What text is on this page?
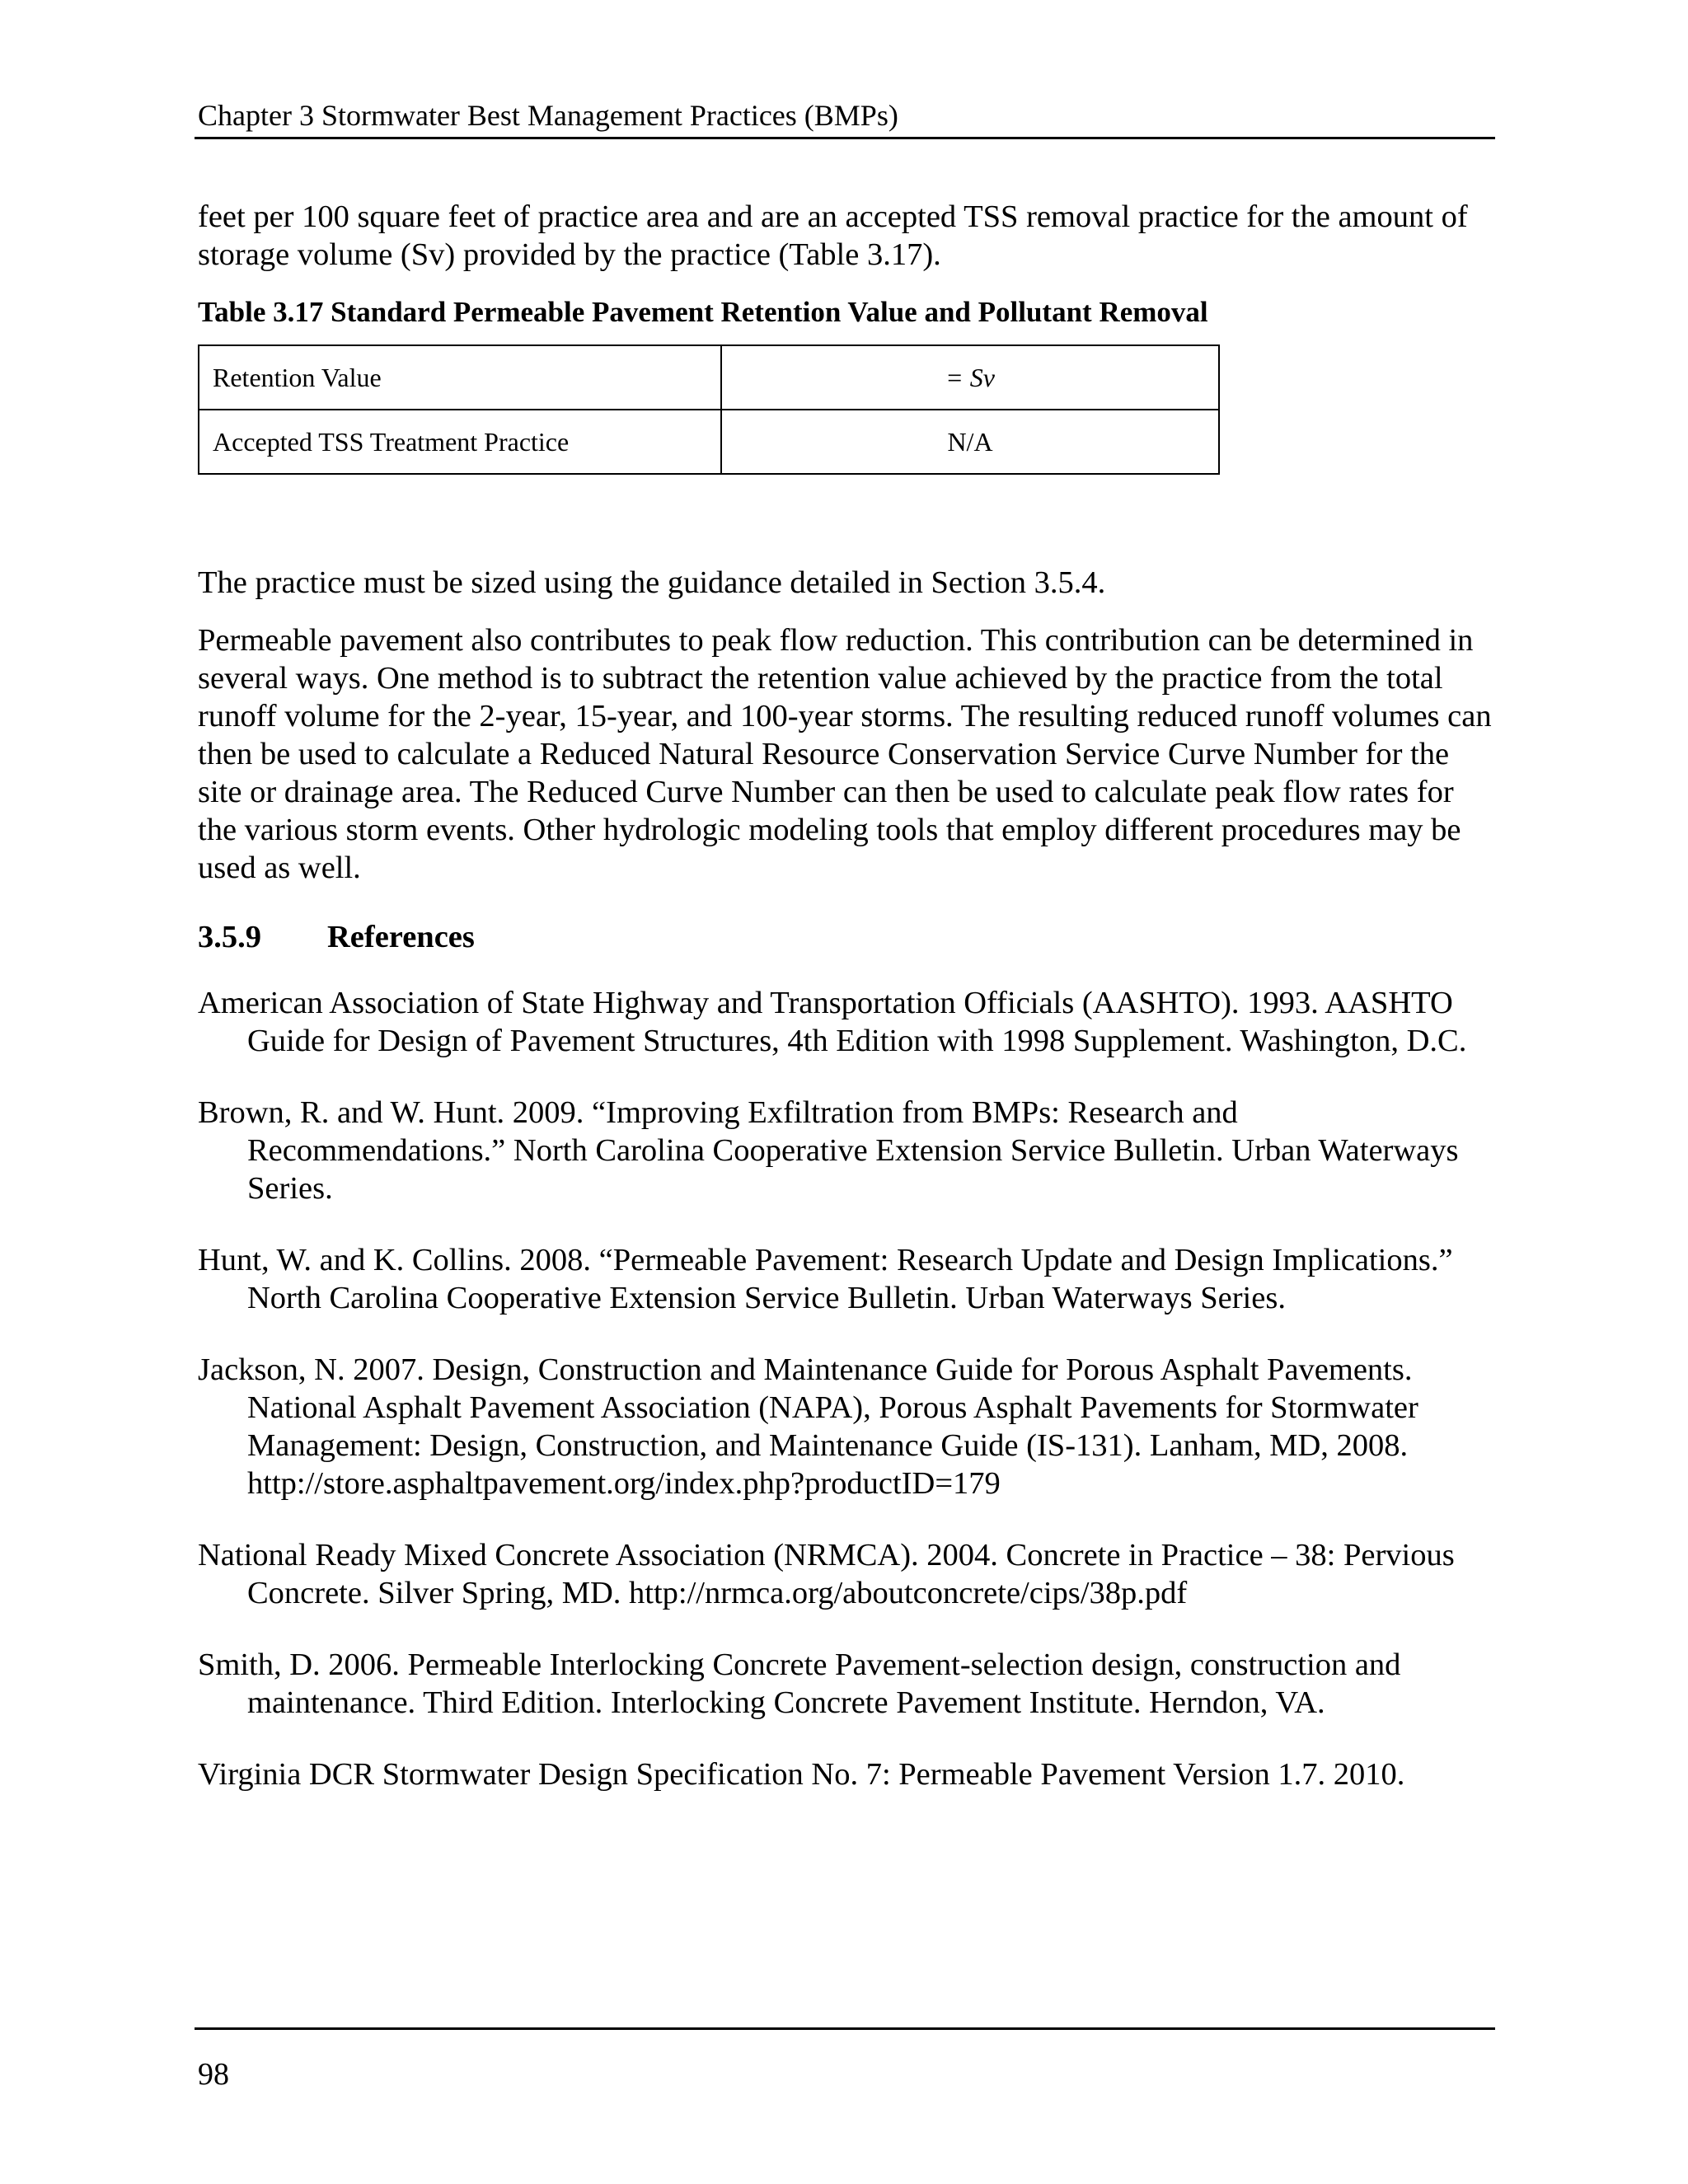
Chapter 3 Stormwater Best Management Practices (BMPs)

feet per 100 square feet of practice area and are an accepted TSS removal practice for the amount of storage volume (Sv) provided by the practice (Table 3.17).

Table 3.17 Standard Permeable Pavement Retention Value and Pollutant Removal
Retention Value	= Sv
Accepted TSS Treatment Practice	N/A

The practice must be sized using the guidance detailed in Section 3.5.4.

Permeable pavement also contributes to peak flow reduction. This contribution can be determined in several ways. One method is to subtract the retention value achieved by the practice from the total runoff volume for the 2-year, 15-year, and 100-year storms. The resulting reduced runoff volumes can then be used to calculate a Reduced Natural Resource Conservation Service Curve Number for the site or drainage area. The Reduced Curve Number can then be used to calculate peak flow rates for the various storm events. Other hydrologic modeling tools that employ different procedures may be used as well.

3.5.9 References
American Association of State Highway and Transportation Officials (AASHTO). 1993. AASHTO Guide for Design of Pavement Structures, 4th Edition with 1998 Supplement. Washington, D.C.
Brown, R. and W. Hunt. 2009. “Improving Exfiltration from BMPs: Research and Recommendations.” North Carolina Cooperative Extension Service Bulletin. Urban Waterways Series.
Hunt, W. and K. Collins. 2008. “Permeable Pavement: Research Update and Design Implications.” North Carolina Cooperative Extension Service Bulletin. Urban Waterways Series.
Jackson, N. 2007. Design, Construction and Maintenance Guide for Porous Asphalt Pavements. National Asphalt Pavement Association (NAPA), Porous Asphalt Pavements for Stormwater Management: Design, Construction, and Maintenance Guide (IS-131). Lanham, MD, 2008. http://store.asphaltpavement.org/index.php?productID=179
National Ready Mixed Concrete Association (NRMCA). 2004. Concrete in Practice – 38: Pervious Concrete. Silver Spring, MD. http://nrmca.org/aboutconcrete/cips/38p.pdf
Smith, D. 2006. Permeable Interlocking Concrete Pavement-selection design, construction and maintenance. Third Edition. Interlocking Concrete Pavement Institute. Herndon, VA.
Virginia DCR Stormwater Design Specification No. 7: Permeable Pavement Version 1.7. 2010.
98
